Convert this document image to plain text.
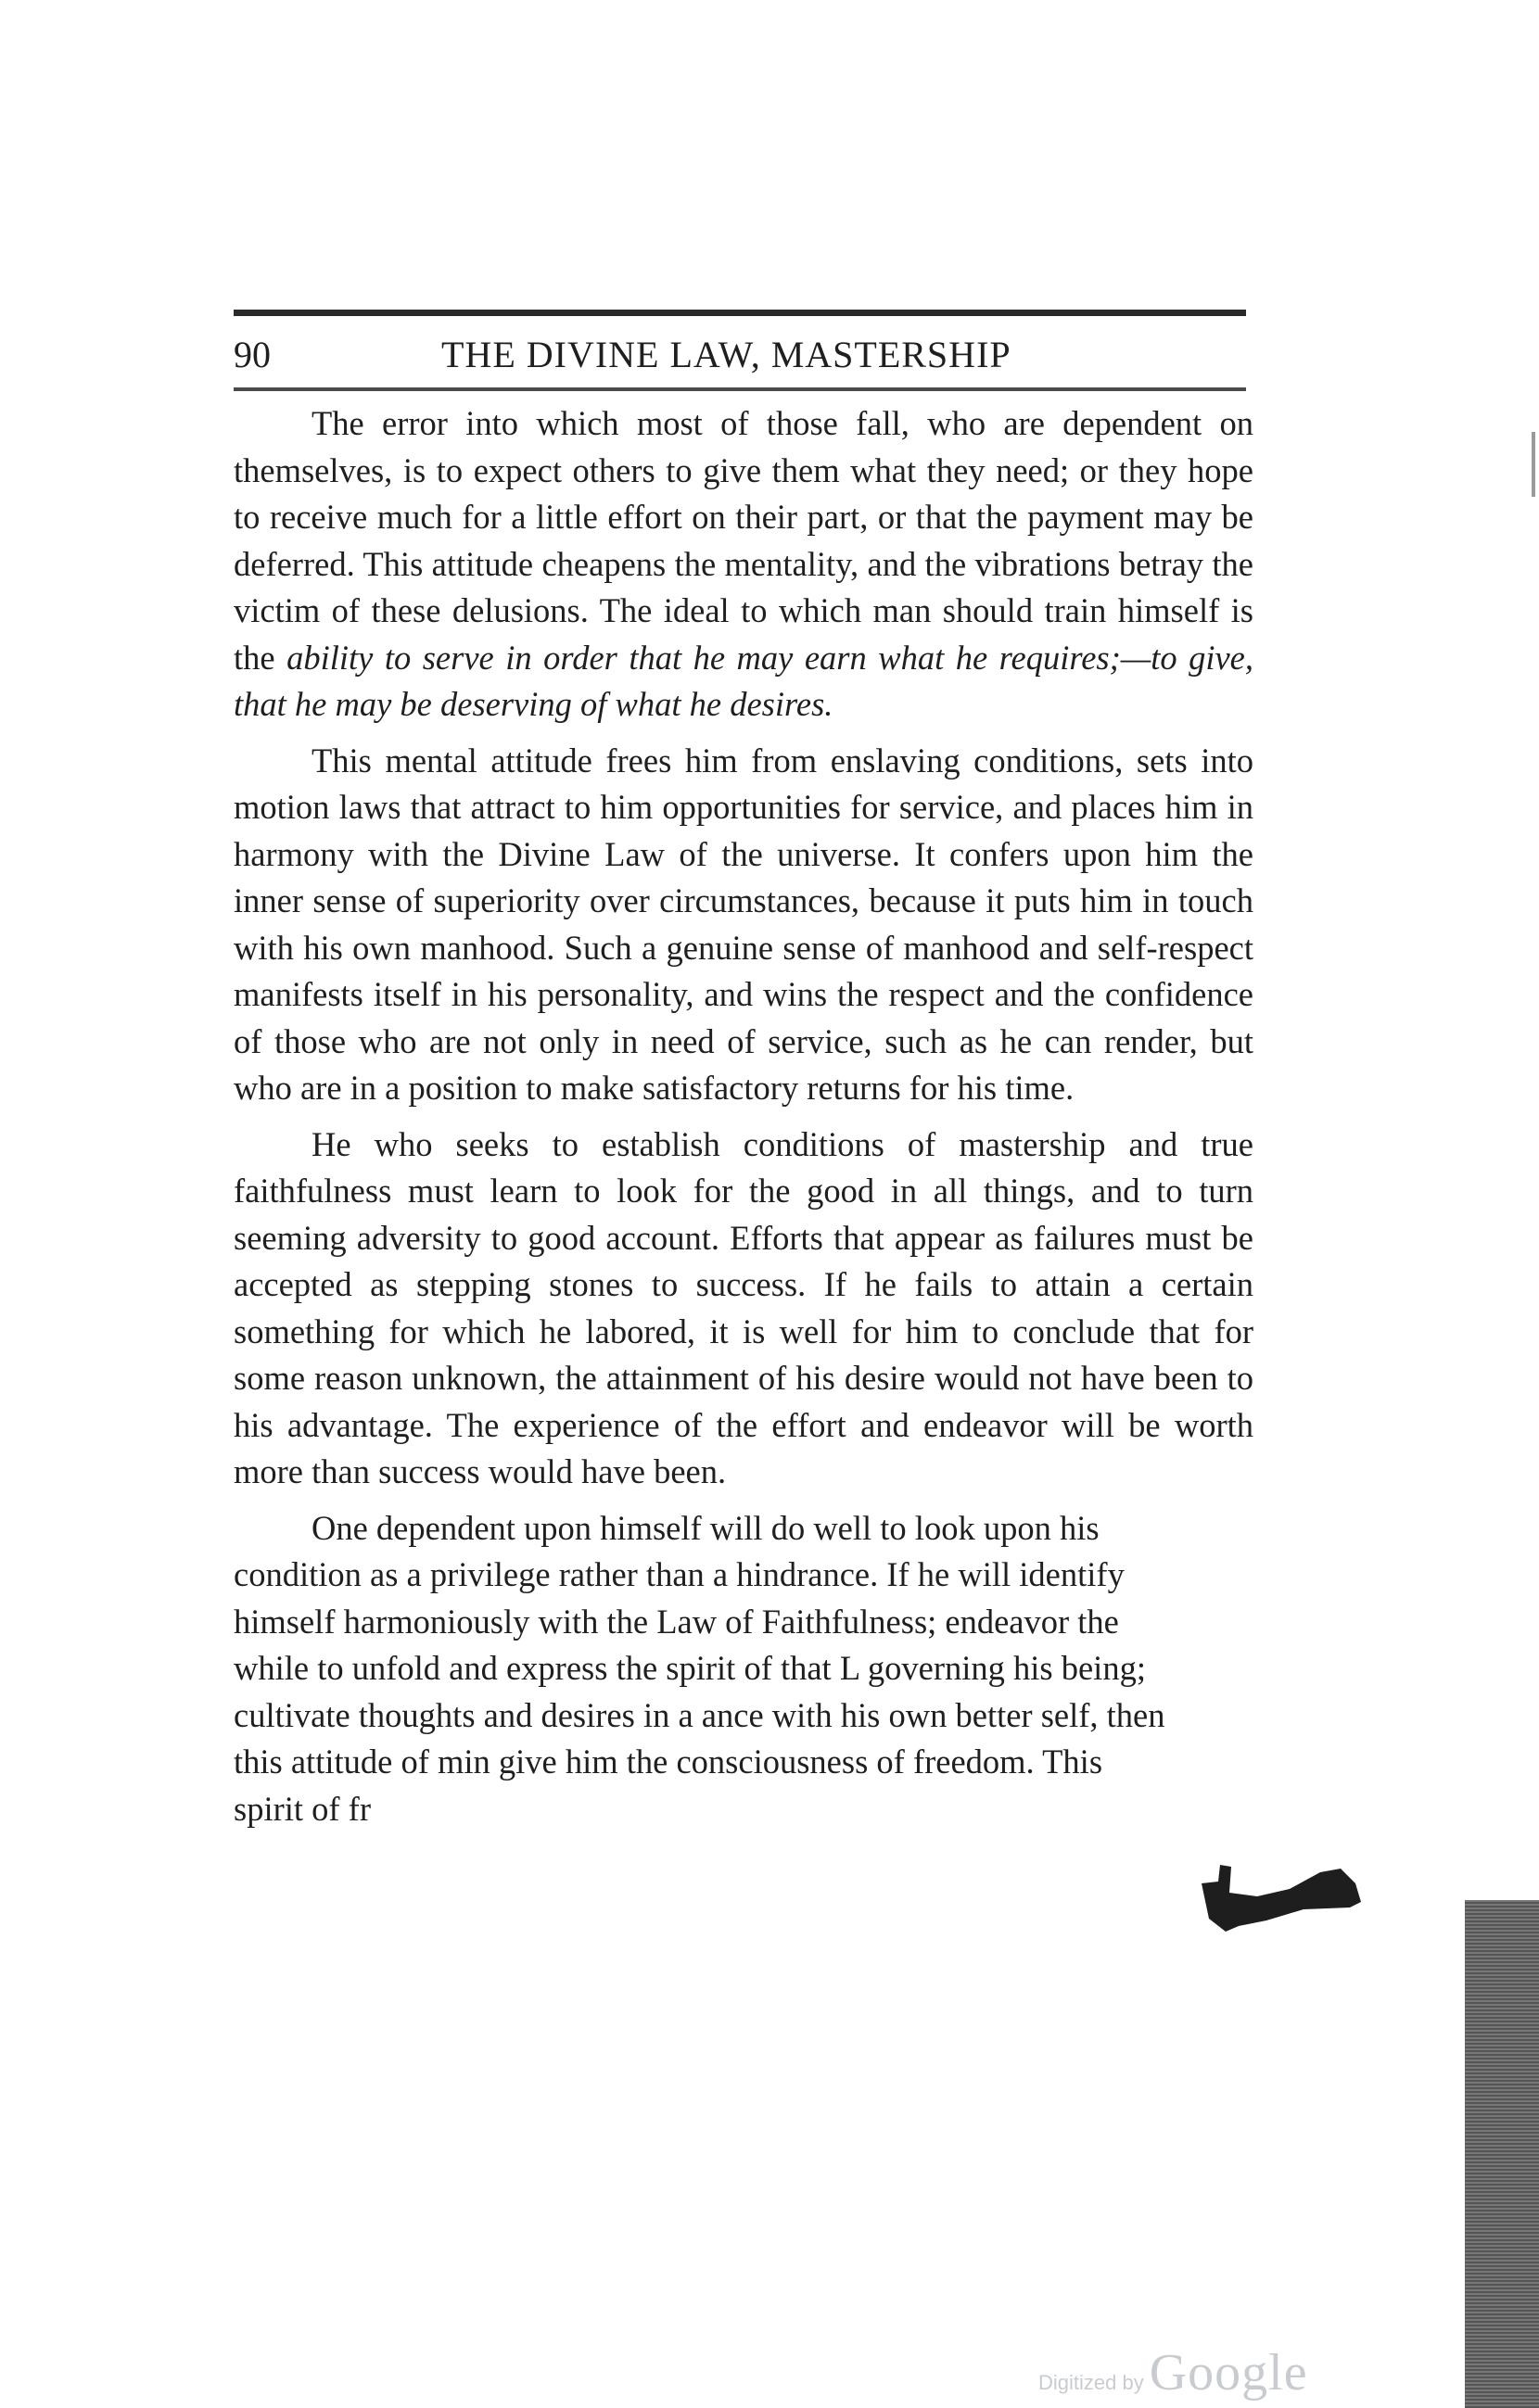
90	THE DIVINE LAW, MASTERSHIP

The error into which most of those fall, who are dependent on themselves, is to expect others to give them what they need; or they hope to receive much for a little effort on their part, or that the payment may be deferred. This attitude cheapens the mentality, and the vibrations betray the victim of these delusions. The ideal to which man should train himself is the ability to serve in order that he may earn what he requires;—to give, that he may be deserving of what he desires.

This mental attitude frees him from enslaving conditions, sets into motion laws that attract to him opportunities for service, and places him in harmony with the Divine Law of the universe. It confers upon him the inner sense of superiority over circumstances, because it puts him in touch with his own manhood. Such a genuine sense of manhood and self-respect manifests itself in his personality, and wins the respect and the confidence of those who are not only in need of service, such as he can render, but who are in a position to make satisfactory returns for his time.

He who seeks to establish conditions of mastership and true faithfulness must learn to look for the good in all things, and to turn seeming adversity to good account. Efforts that appear as failures must be accepted as stepping stones to success. If he fails to attain a certain something for which he labored, it is well for him to conclude that for some reason unknown, the attainment of his desire would not have been to his advantage. The experience of the effort and endeavor will be worth more than success would have been.

One dependent upon himself will do well to look upon his condition as a privilege rather than a hindrance. If he will identify himself harmoniously with the Law of Faithfulness; endeavor the while to unfold and express the spirit of that L governing his being; cultivate thoughts and desires in a ance with his own better self, then this attitude of min give him the consciousness of freedom. This spirit of fr

Digitized by Google
